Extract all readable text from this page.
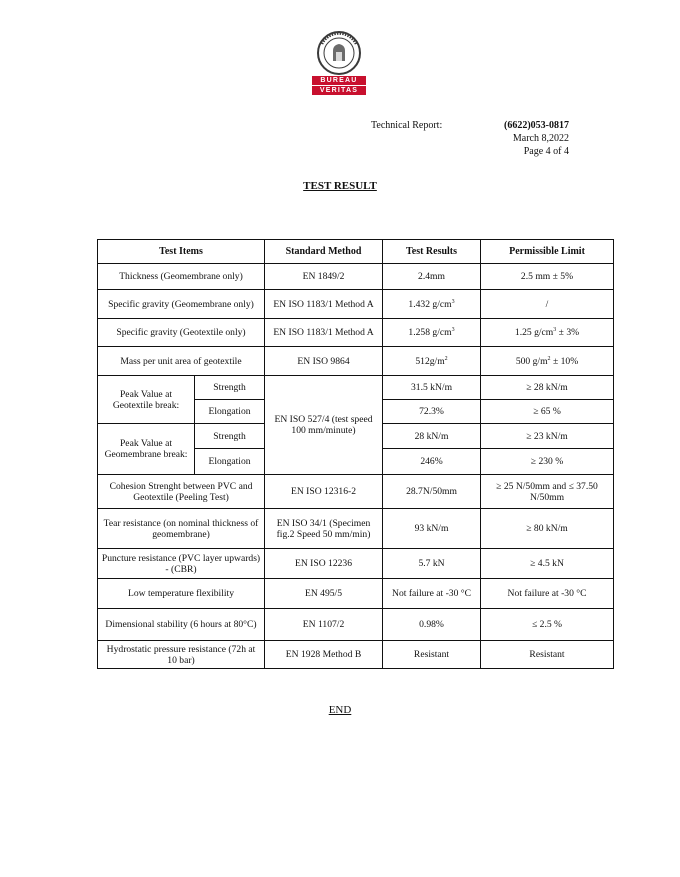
BUREAU
VERITAS
Technical Report:	(6622)053-0817
March 8,2022
Page 4 of 4
TEST RESULT
Test Items		Standard Method	Test Results	Permissible Limit
Thickness (Geomembrane only)		EN 1849/2	2.4mm	2.5 mm ± 5%
Specific gravity (Geomembrane only)		EN ISO 1183/1 Method A	1.432 $g/cm^3$	/
Specific gravity (Geotextile only)		EN ISO 1183/1 Method A	1.258 $g/cm^3$	1.25 $g/cm^3 \pm 3\%$
Mass per unit area of geotextile		EN ISO 9864	$512g/m^2$	500 $g/m^2 \pm 10\%$
Peak Value at Geotextile break:	Strength	EN ISO 527/4 (test speed 100 mm/minute)	31.5 kN/m	≥ 28 kN/m
	Elongation		72.3%	≥ 65 %
Peak Value at Geomembrane break:	Strength		28 kN/m	≥ 23 kN/m
	Elongation		246%	≥ 230 %
Cohesion Strenght between PVC and Geotextile (Peeling Test)		EN ISO 12316-2	28.7N/50mm	≥ 25 N/50mm and ≤ 37.50 N/50mm
Tear resistance (on nominal thickness of geomembrane)		EN ISO 34/1 (Specimen fig.2 Speed 50 mm/min)	93 kN/m	≥ 80 kN/m
Puncture resistance (PVC layer upwards) - (CBR)		EN ISO 12236	5.7 kN	≥ 4.5 kN
Low temperature flexibility		EN 495/5	Not failure at -30 °C	Not failure at -30 °C
Dimensional stability (6 hours at 80°C)		EN 1107/2	0.98%	≤ 2.5 %
Hydrostatic pressure resistance (72h at 10 bar)		EN 1928 Method B	Resistant	Resistant
END
